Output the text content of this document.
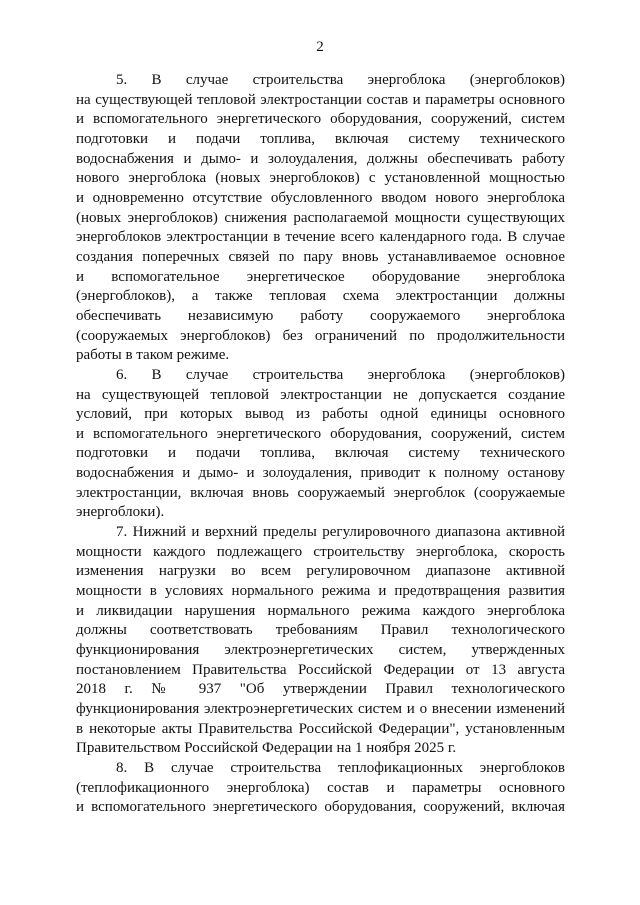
2

5. В случае строительства энергоблока (энергоблоков)
на существующей тепловой электростанции состав и параметры основного
и вспомогательного энергетического оборудования, сооружений, систем
подготовки и подачи топлива, включая систему технического
водоснабжения и дымо- и золоудаления, должны обеспечивать работу
нового энергоблока (новых энергоблоков) с установленной мощностью
и одновременно отсутствие обусловленного вводом нового энергоблока
(новых энергоблоков) снижения располагаемой мощности существующих
энергоблоков электростанции в течение всего календарного года. В случае
создания поперечных связей по пару вновь устанавливаемое основное
и вспомогательное энергетическое оборудование энергоблока
(энергоблоков), а также тепловая схема электростанции должны
обеспечивать независимую работу сооружаемого энергоблока
(сооружаемых энергоблоков) без ограничений по продолжительности
работы в таком режиме.

6. В случае строительства энергоблока (энергоблоков)
на существующей тепловой электростанции не допускается создание
условий, при которых вывод из работы одной единицы основного
и вспомогательного энергетического оборудования, сооружений, систем
подготовки и подачи топлива, включая систему технического
водоснабжения и дымо- и золоудаления, приводит к полному останову
электростанции, включая вновь сооружаемый энергоблок (сооружаемые
энергоблоки).

7. Нижний и верхний пределы регулировочного диапазона активной
мощности каждого подлежащего строительству энергоблока, скорость
изменения нагрузки во всем регулировочном диапазоне активной
мощности в условиях нормального режима и предотвращения развития
и ликвидации нарушения нормального режима каждого энергоблока
должны соответствовать требованиям Правил технологического
функционирования электроэнергетических систем, утвержденных
постановлением Правительства Российской Федерации от 13 августа
2018 г. № 937 "Об утверждении Правил технологического
функционирования электроэнергетических систем и о внесении изменений
в некоторые акты Правительства Российской Федерации", установленным
Правительством Российской Федерации на 1 ноября 2025 г.

8. В случае строительства теплофикационных энергоблоков
(теплофикационного энергоблока) состав и параметры основного
и вспомогательного энергетического оборудования, сооружений, включая
